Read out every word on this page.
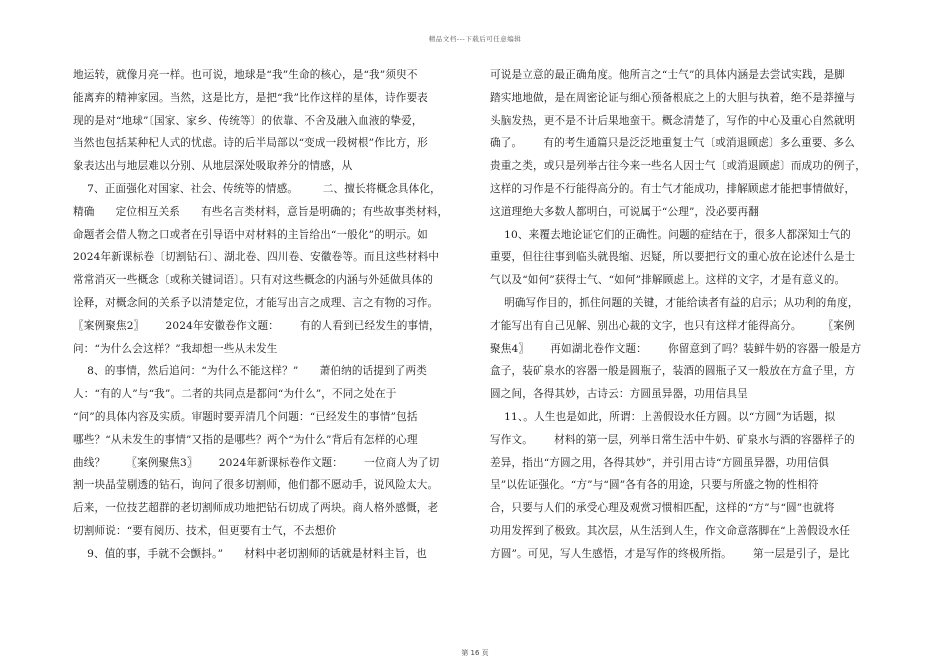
精品文档---下载后可任意编辑
地运转，就像月亮一样。也可说，地球是“我”生命的核心，是“我”须臾不
能离弃的精神家园。当然，这是比方，是把“我”比作这样的星体，诗作要表
现的是对“地球”〔国家、家乡、传统等〕的依靠、不舍及融入血液的挚爱，
当然也包括某种杞人式的忧虑。诗的后半局部以“变成一段树根”作比方，形
象表达出与地层难以分别、从地层深处吸取养分的情感，从
7、正面强化对国家、社会、传统等的情感。       二、擅长将概念具体化，
精确      定位相互关系      有些名言类材料，意旨是明确的；有些故事类材料，
命题者会借人物之口或者在引导语中对材料的主旨给出“一般化”的明示。如
2024年新课标卷〔切割钻石〕、湖北卷、四川卷、安徽卷等。而且这些材料中
常常消灭一些概念〔或称关键词语〕。只有对这些概念的内涵与外延做具体的
诠释，对概念间的关系予以清楚定位，才能写出言之成理、言之有物的习作。
〖案例聚焦2〗      2024年安徽卷作文题：      有的人看到已经发生的事情，
问：“为什么会这样？”我却想一些从未发生
8、的事情，然后追问：“为什么不能这样？”      萧伯纳的话提到了两类
人：“有的人”与“我”。二者的共同点是都问“为什么”，不同之处在于
“问”的具体内容及实质。审题时要弄清几个问题：“已经发生的事情”包括
哪些？“从未发生的事情”又指的是哪些？两个“为什么”背后有怎样的心理
曲线？      〖案例聚焦3〗      2024年新课标卷作文题：      一位商人为了切
割一块晶莹剔透的钻石，询问了很多切割师，他们都不愿动手，说风险太大。
后来，一位技艺超群的老切割师成功地把钻石切成了两块。商人格外感慨，老
切割师说：“要有阅历、技术，但更要有士气，不去想价
9、值的事，手就不会颤抖。”      材料中老切割师的话就是材料主旨，也
可说是立意的最正确角度。他所言之“士气”的具体内涵是去尝试实践，是脚
踏实地地做，是在周密论证与细心预备根底之上的大胆与执着，绝不是莽撞与
头脑发热，更不是不计后果地蛮干。概念清楚了，写作的中心及重心自然就明
确了。      有的考生通篇只是泛泛地重复士气〔或消退顾虑〕多么重要、多么
贵重之类，或只是列举古往今来一些名人因士气〔或消退顾虑〕而成功的例子，
这样的习作是不行能得高分的。有士气才能成功，排解顾虑才能把事情做好，
这道理绝大多数人都明白，可说属于“公理”，没必要再翻
10、来覆去地论证它们的正确性。问题的症结在于，很多人都深知士气的
重要，但往往事到临头就畏缩、迟疑，所以要把行文的重心放在论述什么是士
气以及“如何”获得士气、“如何”排解顾虑上。这样的文字，才是有意义的。
明确写作目的，抓住问题的关键，才能给读者有益的启示；从功利的角度，
才能写出有自己见解、别出心裁的文字，也只有这样才能得高分。      〖案例
聚焦4〗      再如湖北卷作文题：      你留意到了吗？装鲜牛奶的容器一般是方
盒子，装矿泉水的容器一般是圆瓶子，装酒的圆瓶子又一般放在方盒子里，方
圆之间，各得其妙，古诗云：方圆虽异器，功用信具呈
11、。人生也是如此，所谓：上善假设水任方圆。以“方圆”为话题，拟
写作文。      材料的第一层，列举日常生活中牛奶、矿泉水与酒的容器样子的
差异，指出“方圆之用，各得其妙”，并引用古诗“方圆虽异器，功用信俱
呈”以佐证强化。“方”与“圆”各有各的用途，只要与所盛之物的性相符
合，只要与人们的承受心理及观赏习惯相匹配，这样的“方”与“圆”也就将
功用发挥到了极致。其次层，从生活到人生，作文命意落脚在“上善假设水任
方圆”。可见，写人生感悟，才是写作的终极所指。      第一层是引子，是比
第 16 页
